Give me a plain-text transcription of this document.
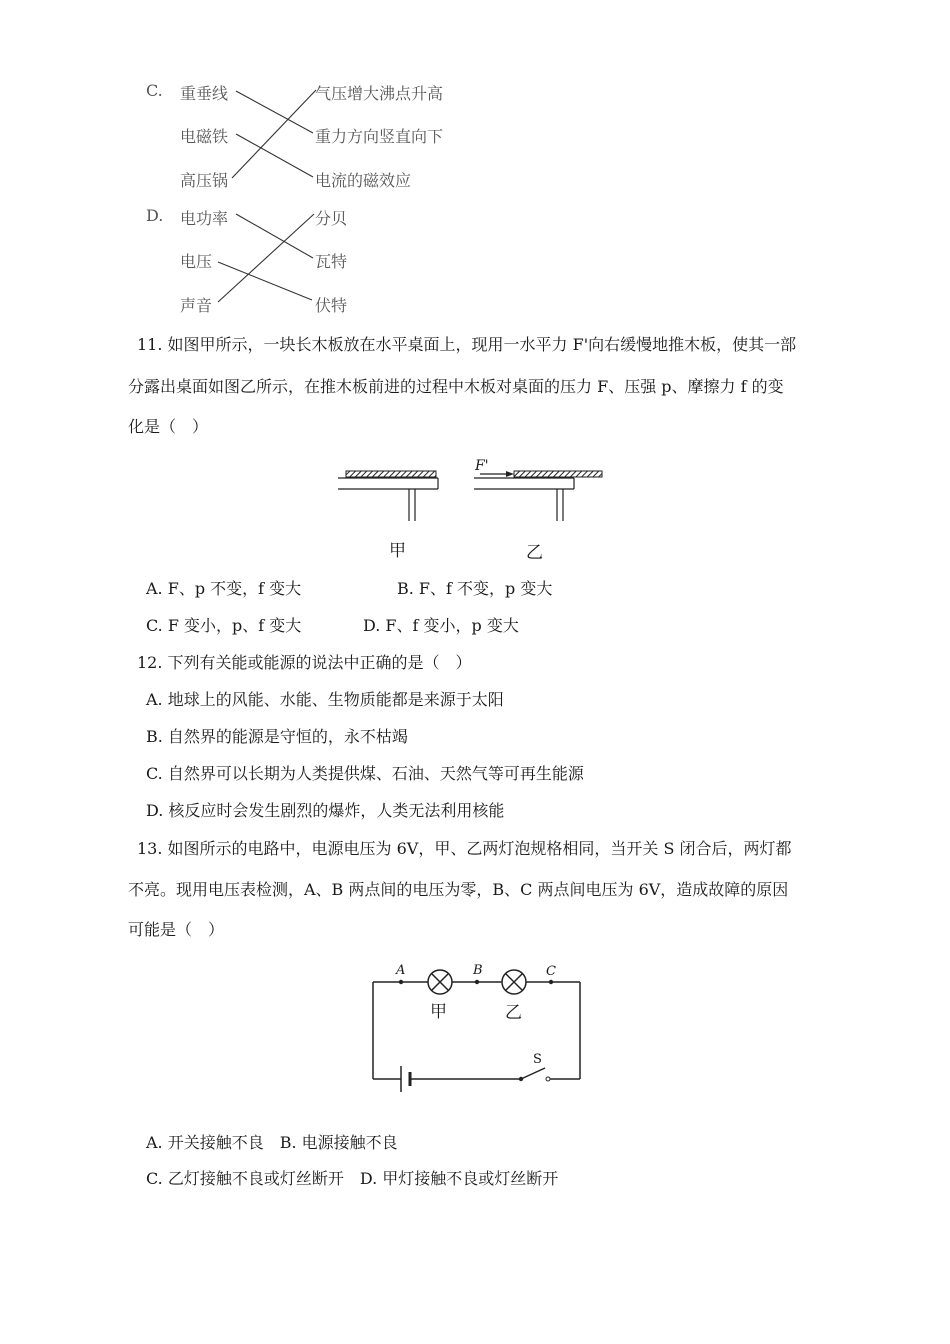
C. 重垂线
电磁铁
高压锅
气压增大沸点升高
重力方向竖直向下
电流的磁效应
D. 电功率
电压
声音
分贝
瓦特
伏特
11. 如图甲所示，一块长木板放在水平桌面上，现用一水平力 F'向右缓慢地推木板，使其一部
分露出桌面如图乙所示，在推木板前进的过程中木板对桌面的压力 F、压强 p、摩擦力 f 的变
化是（　）
F'
甲	乙
A. F、p 不变，f 变大	B. F、f 不变，p 变大
C. F 变小，p、f 变大	D. F、f 变小，p 变大
12. 下列有关能或能源的说法中正确的是（　）
A. 地球上的风能、水能、生物质能都是来源于太阳
B. 自然界的能源是守恒的，永不枯竭
C. 自然界可以长期为人类提供煤、石油、天然气等可再生能源
D. 核反应时会发生剧烈的爆炸，人类无法利用核能
13. 如图所示的电路中，电源电压为 6V，甲、乙两灯泡规格相同，当开关 S 闭合后，两灯都
不亮。现用电压表检测，A、B 两点间的电压为零，B、C 两点间电压为 6V，造成故障的原因
可能是（　）
A	B	C
甲	乙
S
A. 开关接触不良　B. 电源接触不良
C. 乙灯接触不良或灯丝断开　D. 甲灯接触不良或灯丝断开
